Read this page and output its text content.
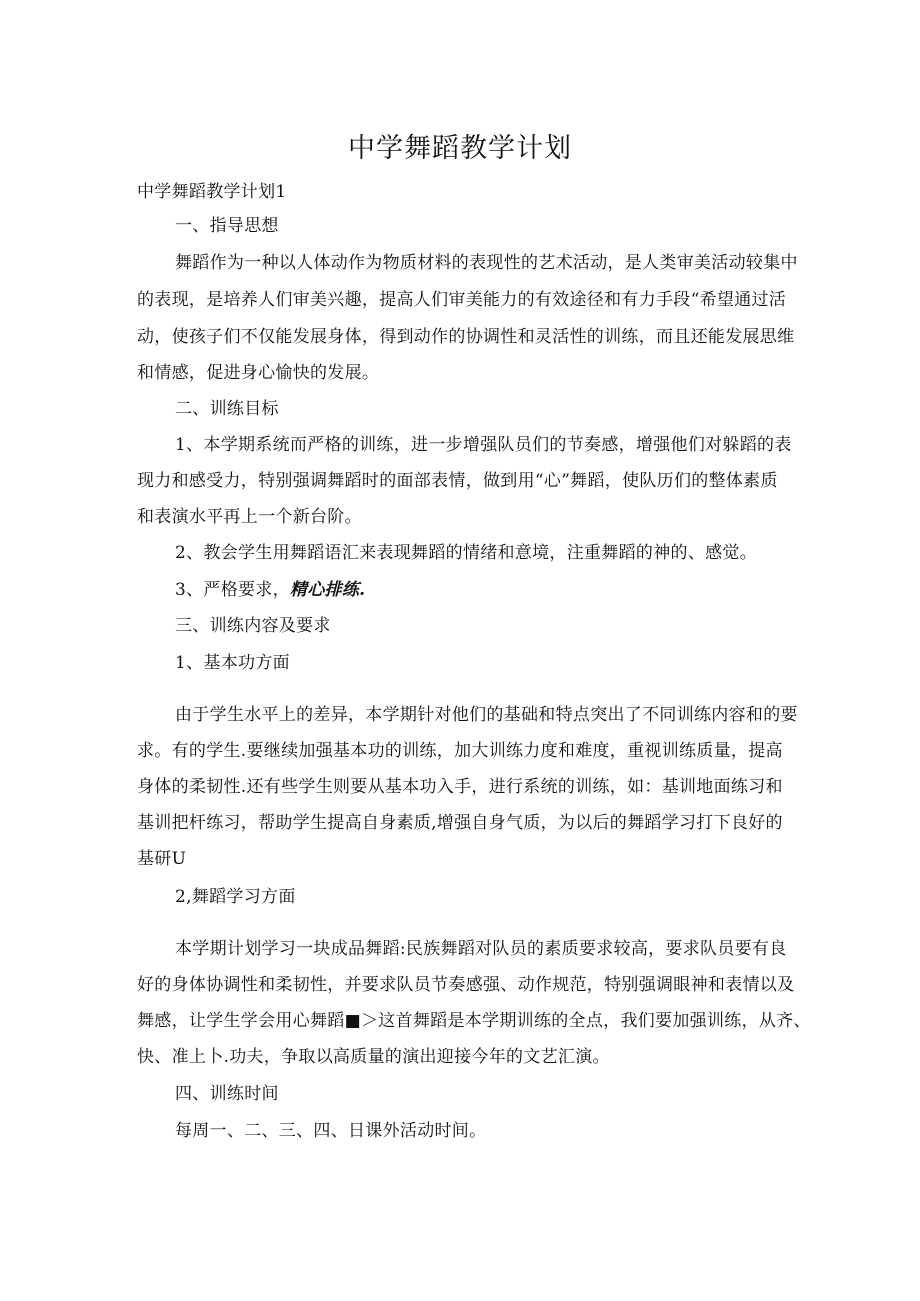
中学舞蹈教学计划
中学舞蹈教学计划1
一、指导思想
舞蹈作为一种以人体动作为物质材料的表现性的艺术活动，是人类审美活动较集中
的表现，是培养人们审美兴趣，提高人们审美能力的有效途径和有力手段“希望通过活
动，使孩子们不仅能发展身体，得到动作的协调性和灵活性的训练，而且还能发展思维
和情感，促进身心愉快的发展。
二、训练目标
1、本学期系统而严格的训练，进一步增强队员们的节奏感，增强他们对躲蹈的表
现力和感受力，特别强调舞蹈时的面部表情，做到用“心”舞蹈，使队历们的整体素质
和表演水平再上一个新台阶。
2、教会学生用舞蹈语汇来表现舞蹈的情绪和意境，注重舞蹈的神的、感觉。
3、严格要求，精心排练.
三、训练内容及要求
1、基本功方面
由于学生水平上的差异，本学期针对他们的基础和特点突出了不同训练内容和的要
求。有的学生.要继续加强基本功的训练，加大训练力度和难度，重视训练质量，提高
身体的柔韧性.还有些学生则要从基本功入手，进行系统的训练，如：基训地面练习和
基训把杆练习，帮助学生提高自身素质,增强自身气质，为以后的舞蹈学习打下良好的
基研U
2,舞蹈学习方面
本学期计划学习一块成品舞蹈:民族舞蹈对队员的素质要求较高，要求队员要有良
好的身体协调性和柔韧性，并要求队员节奏感强、动作规范，特别强调眼神和表情以及
舞感，让学生学会用心舞蹈■＞这首舞蹈是本学期训练的全点，我们要加强训练，从齐、
快、准上卜.功夫，争取以高质量的演出迎接今年的文艺汇演。
四、训练时间
每周一、二、三、四、日课外活动时间。
